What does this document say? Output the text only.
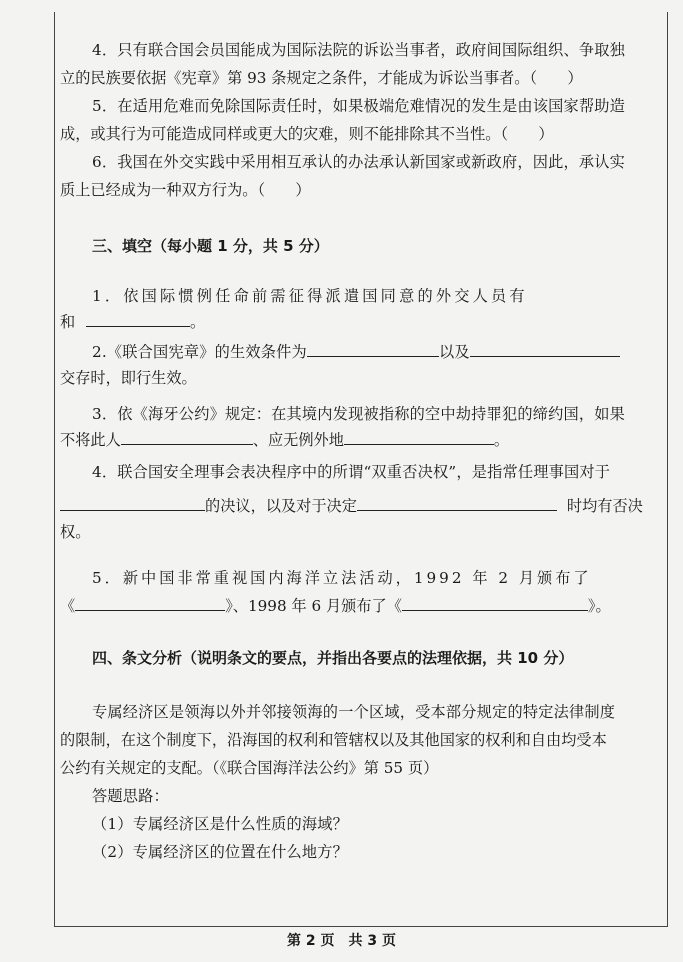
4．只有联合国会员国能成为国际法院的诉讼当事者，政府间国际组织、争取独

立的民族要依据《宪章》第 93 条规定之条件，才能成为诉讼当事者。（　　）

5．在适用危难而免除国际责任时，如果极端危难情况的发生是由该国家帮助造

成，或其行为可能造成同样或更大的灾难，则不能排除其不当性。（　　）

6．我国在外交实践中采用相互承认的办法承认新国家或新政府，因此，承认实

质上已经成为一种双方行为。（　　）

三、填空（每小题 1 分，共 5 分）

1．依国际惯例任命前需征得派遣国同意的外交人员有

和	。

2.《联合国宪章》的生效条件为	以及

交存时，即行生效。

3．依《海牙公约》规定：在其境内发现被指称的空中劫持罪犯的缔约国，如果

不将此人	、应无例外地	。

4．联合国安全理事会表决程序中的所谓“双重否决权”，是指常任理事国对于

的决议，以及对于决定	时均有否决

权。

5．新中国非常重视国内海洋立法活动，1992 年 2 月颁布了

《	》、1998 年 6 月颁布了《	》。

四、条文分析（说明条文的要点，并指出各要点的法理依据，共 10 分）

专属经济区是领海以外并邻接领海的一个区域，受本部分规定的特定法律制度

的限制，在这个制度下，沿海国的权利和管辖权以及其他国家的权利和自由均受本

公约有关规定的支配。（《联合国海洋法公约》第 55 页）

答题思路：

（1）专属经济区是什么性质的海域？

（2）专属经济区的位置在什么地方？

第 2 页　共 3 页
